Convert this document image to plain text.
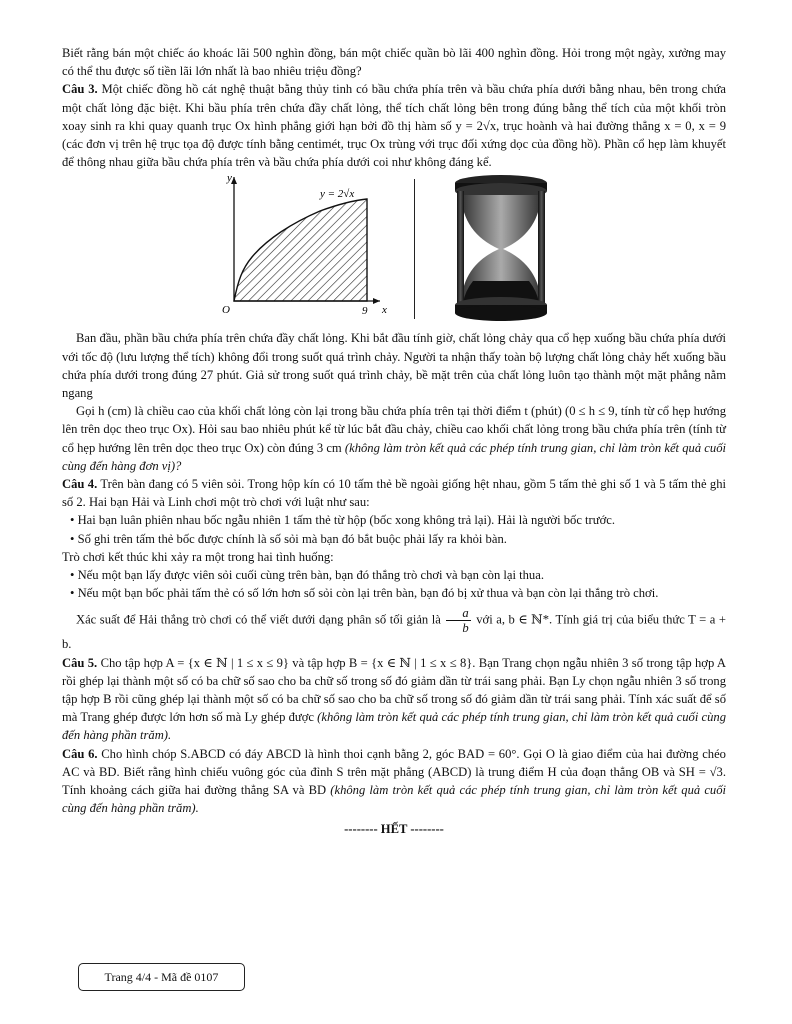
Biết rằng bán một chiếc áo khoác lãi 500 nghìn đồng, bán một chiếc quần bò lãi 400 nghìn đồng. Hỏi trong một ngày, xưởng may có thể thu được số tiền lãi lớn nhất là bao nhiêu triệu đồng?

Câu 3. Một chiếc đồng hồ cát nghệ thuật bằng thủy tinh có bầu chứa phía trên và bầu chứa phía dưới bằng nhau, bên trong chứa một chất lỏng đặc biệt. Khi bầu phía trên chứa đầy chất lỏng, thể tích chất lỏng bên trong đúng bằng thể tích của một khối tròn xoay sinh ra khi quay quanh trục Ox hình phẳng giới hạn bởi đồ thị hàm số y = 2√x, trục hoành và hai đường thẳng x = 0, x = 9 (các đơn vị trên hệ trục tọa độ được tính bằng centimét, trục Ox trùng với trục đối xứng dọc của đồng hồ). Phần cổ hẹp làm khuyết để thông nhau giữa bầu chứa phía trên và bầu chứa phía dưới coi như không đáng kể.

y
x
O	9
y = 2√x

Ban đầu, phần bầu chứa phía trên chứa đầy chất lỏng. Khi bắt đầu tính giờ, chất lỏng chảy qua cổ hẹp xuống bầu chứa phía dưới với tốc độ (lưu lượng thể tích) không đổi trong suốt quá trình chảy. Người ta nhận thấy toàn bộ lượng chất lỏng chảy hết xuống bầu chứa phía dưới trong đúng 27 phút. Giả sử trong suốt quá trình chảy, bề mặt trên của chất lỏng luôn tạo thành một mặt phẳng nằm ngang

Gọi h (cm) là chiều cao của khối chất lỏng còn lại trong bầu chứa phía trên tại thời điểm t (phút) (0 ≤ h ≤ 9, tính từ cổ hẹp hướng lên trên dọc theo trục Ox). Hỏi sau bao nhiêu phút kể từ lúc bắt đầu chảy, chiều cao khối chất lỏng trong bầu chứa phía trên (tính từ cổ hẹp hướng lên trên dọc theo trục Ox) còn đúng 3 cm (không làm tròn kết quả các phép tính trung gian, chỉ làm tròn kết quả cuối cùng đến hàng đơn vị)?

Câu 4. Trên bàn đang có 5 viên sỏi. Trong hộp kín có 10 tấm thẻ bề ngoài giống hệt nhau, gồm 5 tấm thẻ ghi số 1 và 5 tấm thẻ ghi số 2. Hai bạn Hải và Linh chơi một trò chơi với luật như sau:

• Hai bạn luân phiên nhau bốc ngẫu nhiên 1 tấm thẻ từ hộp (bốc xong không trả lại). Hải là người bốc trước.

• Số ghi trên tấm thẻ bốc được chính là số sỏi mà bạn đó bắt buộc phải lấy ra khỏi bàn.

Trò chơi kết thúc khi xảy ra một trong hai tình huống:

• Nếu một bạn lấy được viên sỏi cuối cùng trên bàn, bạn đó thắng trò chơi và bạn còn lại thua.

• Nếu một bạn bốc phải tấm thẻ có số lớn hơn số sỏi còn lại trên bàn, bạn đó bị xử thua và bạn còn lại thắng trò chơi.

Xác suất để Hải thắng trò chơi có thể viết dưới dạng phân số tối giản là $\frac{a}{b}$ với a, b ∈ ℕ*. Tính giá trị của biểu thức T = a + b.

Câu 5. Cho tập hợp A = {x ∈ ℕ | 1 ≤ x ≤ 9} và tập hợp B = {x ∈ ℕ | 1 ≤ x ≤ 8}. Bạn Trang chọn ngẫu nhiên 3 số trong tập hợp A rồi ghép lại thành một số có ba chữ số sao cho ba chữ số trong số đó giảm dần từ trái sang phải. Bạn Ly chọn ngẫu nhiên 3 số trong tập hợp B rồi cũng ghép lại thành một số có ba chữ số sao cho ba chữ số trong số đó giảm dần từ trái sang phải. Tính xác suất để số mà Trang ghép được lớn hơn số mà Ly ghép được (không làm tròn kết quả các phép tính trung gian, chỉ làm tròn kết quả cuối cùng đến hàng phần trăm).

Câu 6. Cho hình chóp S.ABCD có đáy ABCD là hình thoi cạnh bằng 2, góc BAD = 60°. Gọi O là giao điểm của hai đường chéo AC và BD. Biết rằng hình chiếu vuông góc của đỉnh S trên mặt phẳng (ABCD) là trung điểm H của đoạn thẳng OB và SH = √3. Tính khoảng cách giữa hai đường thẳng SA và BD (không làm tròn kết quả các phép tính trung gian, chỉ làm tròn kết quả cuối cùng đến hàng phần trăm).

-------- HẾT --------

Trang 4/4 - Mã đề 0107
